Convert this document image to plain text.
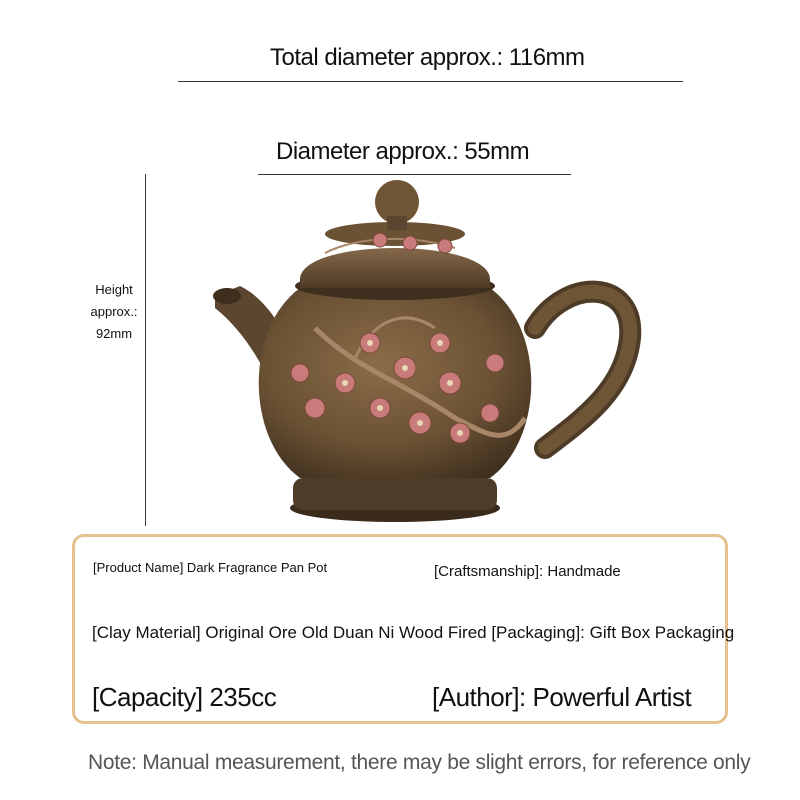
Total diameter approx.: 116mm
Diameter approx.: 55mm
Height
approx.:
92mm
[Product Name] Dark Fragrance Pan Pot	[Craftsmanship]: Handmade
[Clay Material] Original Ore Old Duan Ni Wood Fired [Packaging]: Gift Box Packaging
[Capacity] 235cc	[Author]: Powerful Artist
Note: Manual measurement, there may be slight errors, for reference only
